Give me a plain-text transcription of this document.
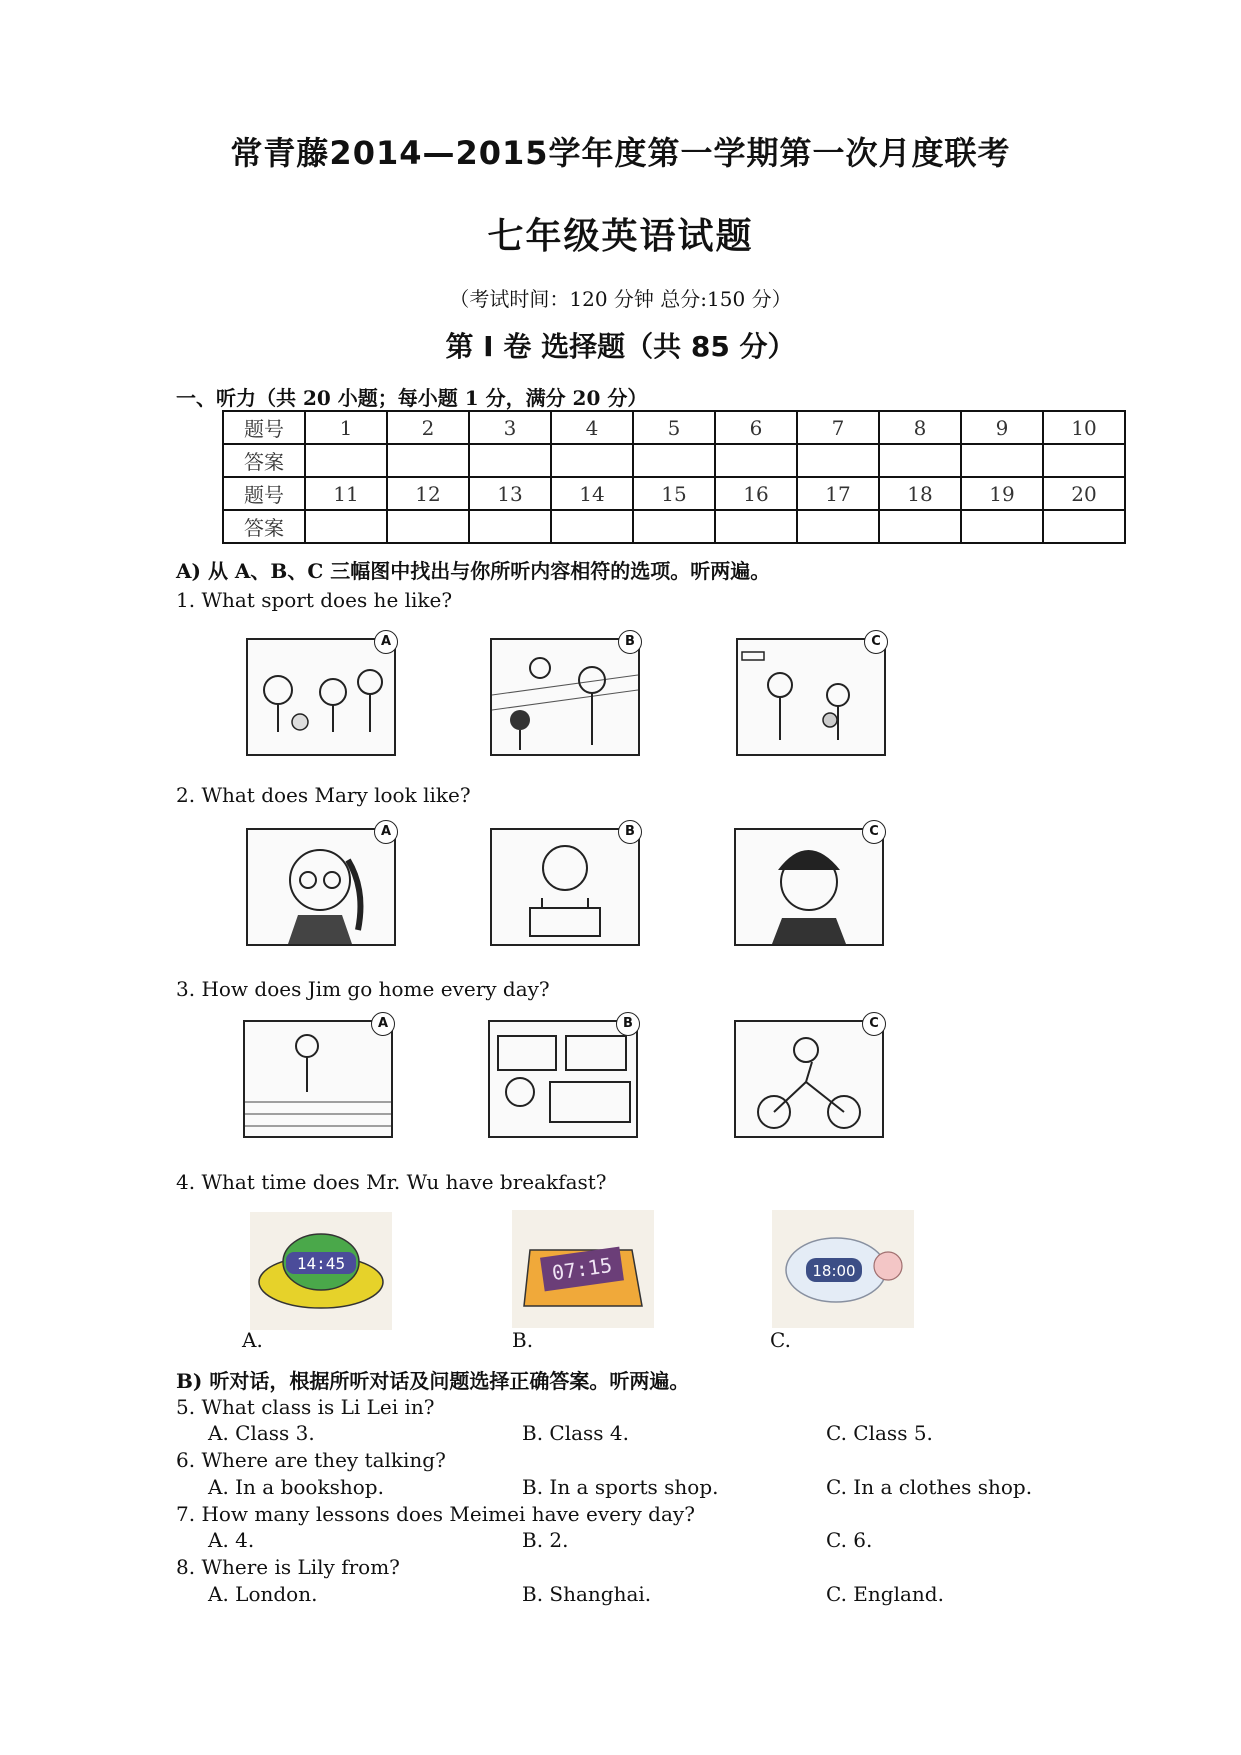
常青藤2014—2015学年度第一学期第一次月度联考
七年级英语试题
（考试时间：120 分钟 总分:150 分）
第 I 卷 选择题（共 85 分）
一、听力（共 20 小题；每小题 1 分，满分 20 分）
题号	1	2	3	4	5	6	7	8	9	10
答案										
题号	11	12	13	14	15	16	17	18	19	20
答案										
A) 从 A、B、C 三幅图中找出与你所听内容相符的选项。听两遍。
1. What sport does he like?
A	B	C
2. What does Mary look like?
A	B	C
3. How does Jim go home every day?
A	B	C
4. What time does Mr. Wu have breakfast?
14:45
A.
07:15
B.
18:00
C.
B) 听对话，根据所听对话及问题选择正确答案。听两遍。
5. What class is Li Lei in?
A. Class 3.	B. Class 4.	C. Class 5.
6. Where are they talking?
A. In a bookshop.	B. In a sports shop.	C. In a clothes shop.
7. How many lessons does Meimei have every day?
A. 4.	B. 2.	C. 6.
8. Where is Lily from?
A. London.	B. Shanghai.	C. England.
